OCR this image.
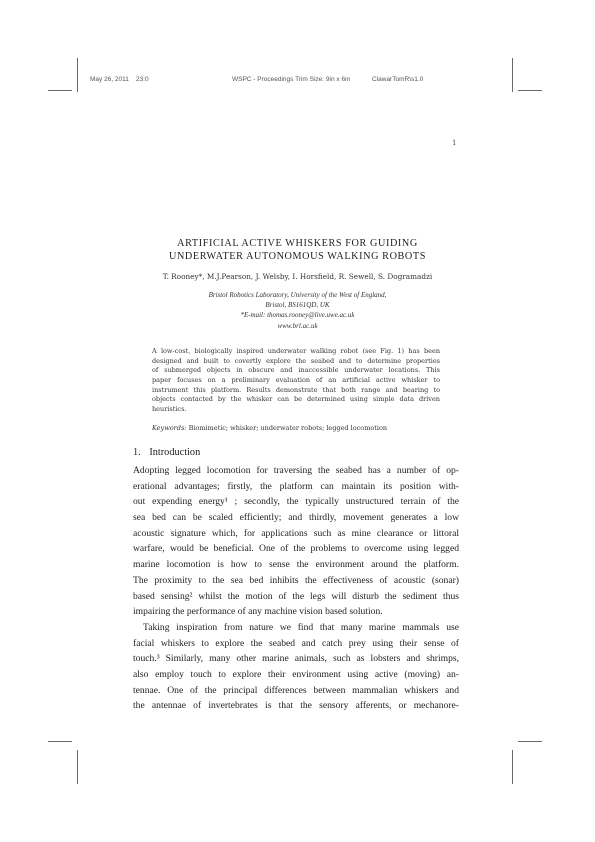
May 26, 2011 23:0	WSPC - Proceedings Trim Size: 9in x 6in	ClawarTomR\s1.0
1
ARTIFICIAL ACTIVE WHISKERS FOR GUIDING
UNDERWATER AUTONOMOUS WALKING ROBOTS
T. Rooney*, M.J.Pearson, J. Welsby, I. Horsfield, R. Sewell, S. Dogramadzi
Bristol Robotics Laboratory, University of the West of England,
Bristol, BS161QD, UK
*E-mail: thomas.rooney@live.uwe.ac.uk
www.brl.ac.uk
A low-cost, biologically inspired underwater walking robot (see Fig. 1) has been
designed and built to covertly explore the seabed and to determine properties
of submerged objects in obscure and inaccessible underwater locations. This
paper focuses on a preliminary evaluation of an artificial active whisker to
instrument this platform. Results demonstrate that both range and bearing to
objects contacted by the whisker can be determined using simple data driven
heuristics.
Keywords: Biomimetic; whisker; underwater robots; legged locomotion
1. Introduction
Adopting legged locomotion for traversing the seabed has a number of op-
erational advantages; firstly, the platform can maintain its position with-
out expending energy¹ ; secondly, the typically unstructured terrain of the
sea bed can be scaled efficiently; and thirdly, movement generates a low
acoustic signature which, for applications such as mine clearance or littoral
warfare, would be beneficial. One of the problems to overcome using legged
marine locomotion is how to sense the environment around the platform.
The proximity to the sea bed inhibits the effectiveness of acoustic (sonar)
based sensing² whilst the motion of the legs will disturb the sediment thus
impairing the performance of any machine vision based solution.
Taking inspiration from nature we find that many marine mammals use
facial whiskers to explore the seabed and catch prey using their sense of
touch.³ Similarly, many other marine animals, such as lobsters and shrimps,
also employ touch to explore their environment using active (moving) an-
tennae. One of the principal differences between mammalian whiskers and
the antennae of invertebrates is that the sensory afferents, or mechanore-
